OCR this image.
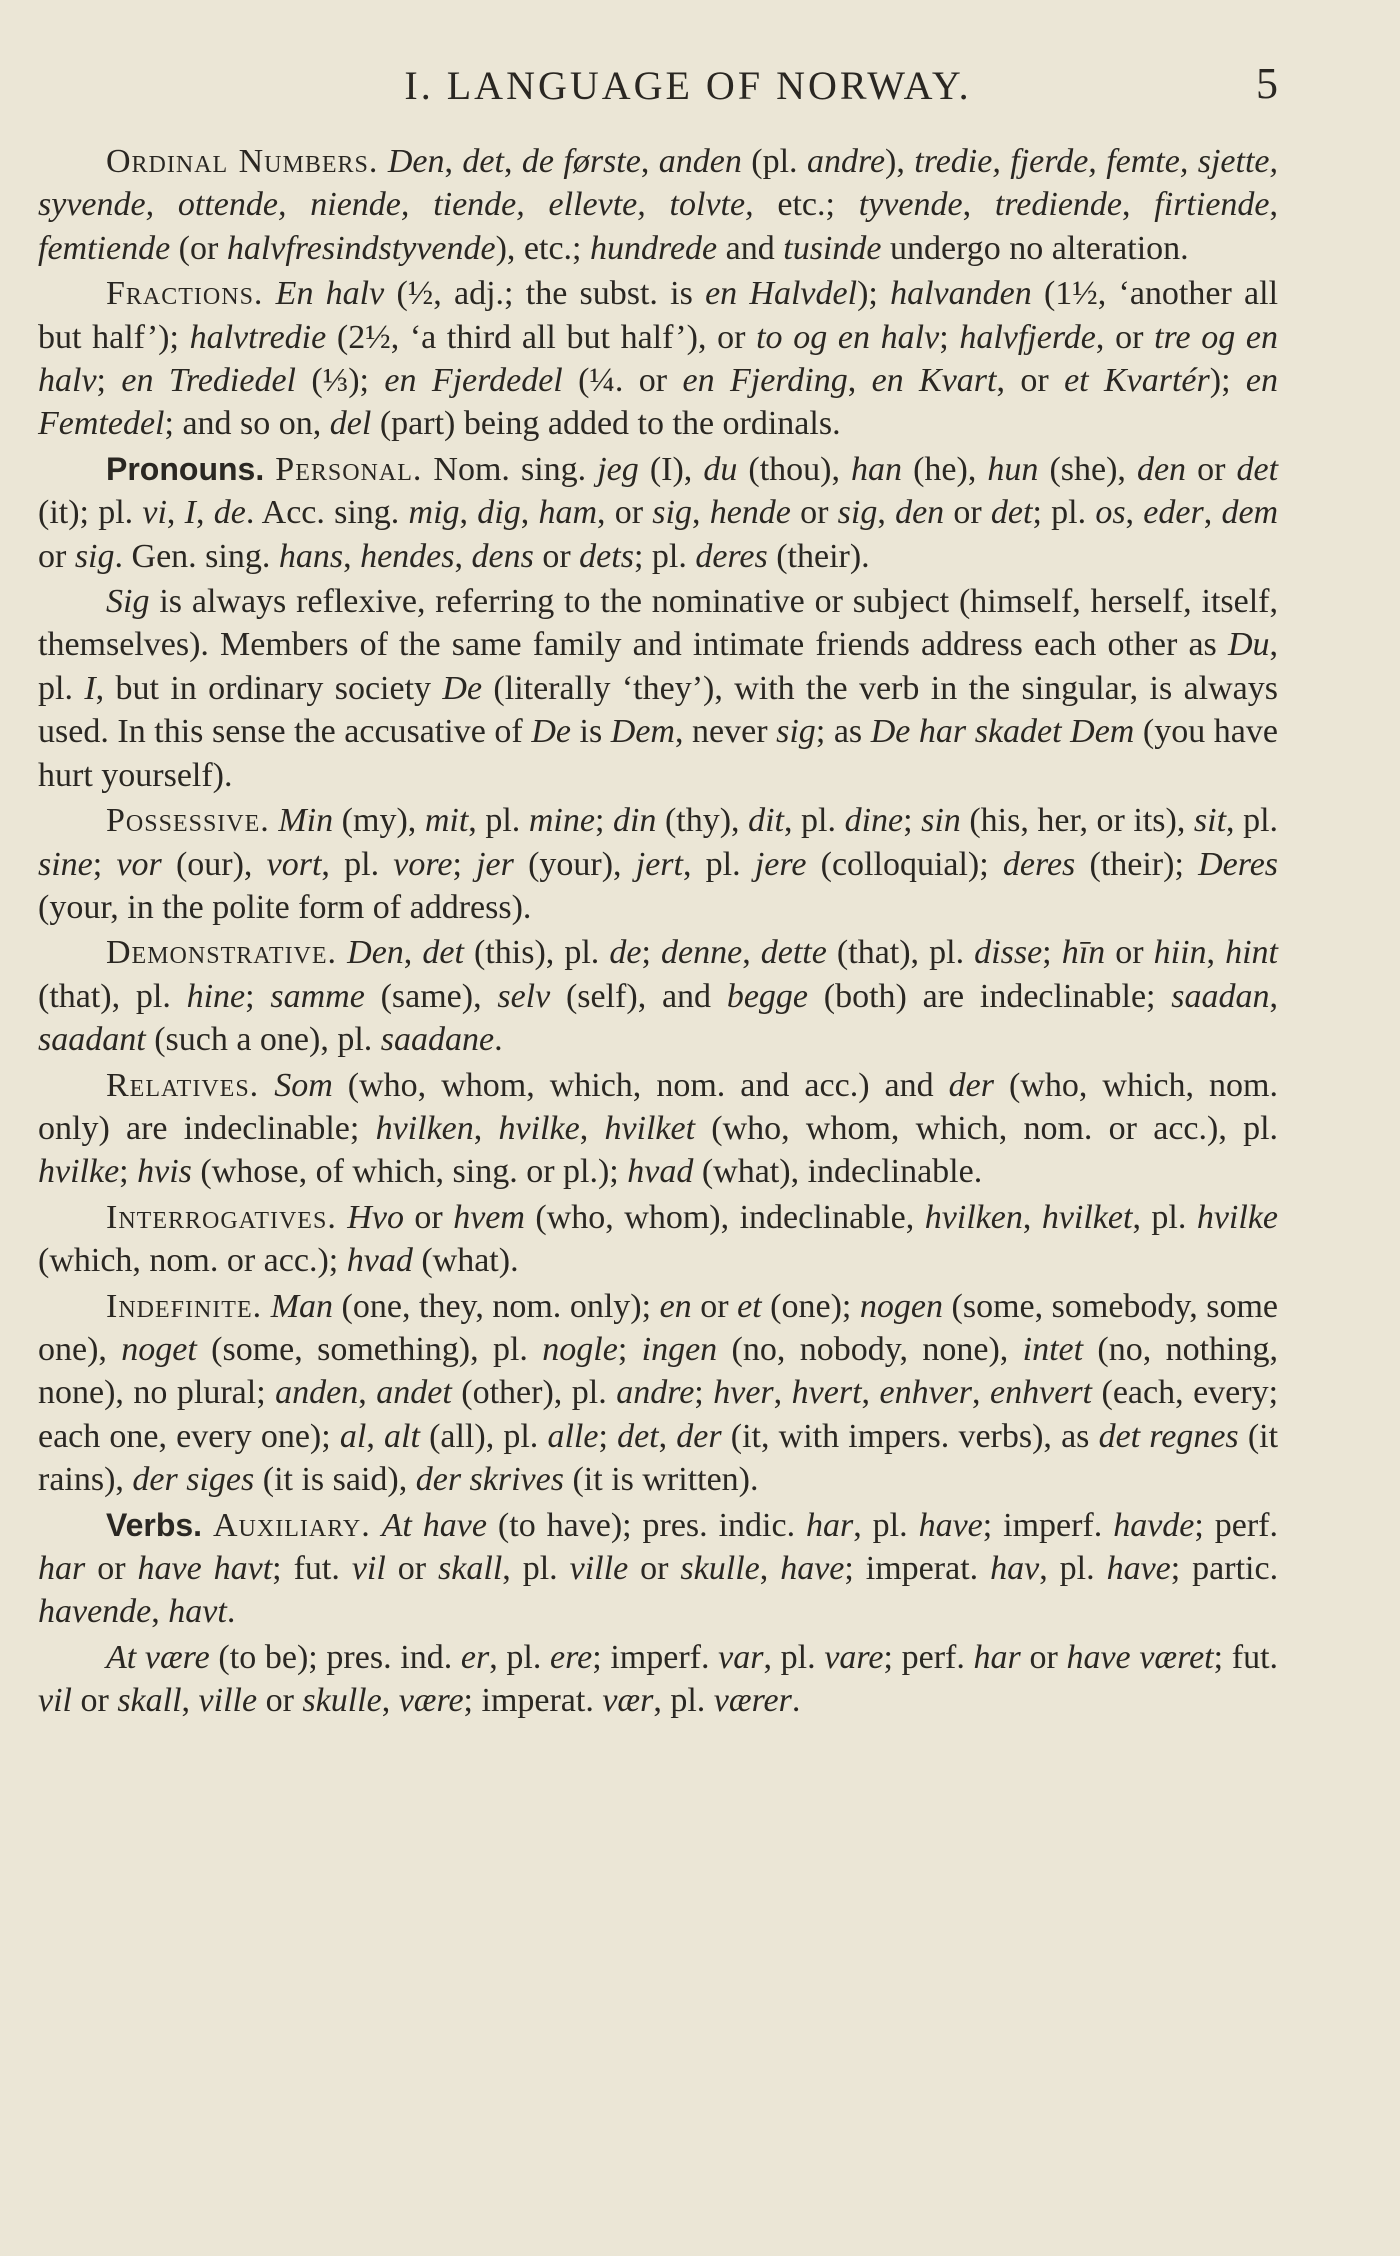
I. LANGUAGE OF NORWAY.	5

Ordinal Numbers. Den, det, de første, anden (pl. andre), tredie, fjerde, femte, sjette, syvende, ottende, niende, tiende, ellevte, tolvte, etc.; tyvende, trediende, firtiende, femtiende (or halvfresindstyvende), etc.; hundrede and tusinde undergo no alteration.

Fractions. En halv (½, adj.; the subst. is en Halvdel); halvanden (1½, ‘another all but half’); halvtredie (2½, ‘a third all but half’), or to og en halv; halvfjerde, or tre og en halv; en Trediedel (⅓); en Fjerdedel (¼. or en Fjerding, en Kvart, or et Kvartér); en Femtedel; and so on, del (part) being added to the ordinals.

Pronouns. Personal. Nom. sing. jeg (I), du (thou), han (he), hun (she), den or det (it); pl. vi, I, de. Acc. sing. mig, dig, ham, or sig, hende or sig, den or det; pl. os, eder, dem or sig. Gen. sing. hans, hendes, dens or dets; pl. deres (their).

Sig is always reflexive, referring to the nominative or subject (himself, herself, itself, themselves). Members of the same family and intimate friends address each other as Du, pl. I, but in ordinary society De (literally ‘they’), with the verb in the singular, is always used. In this sense the accusative of De is Dem, never sig; as De har skadet Dem (you have hurt yourself).

Possessive. Min (my), mit, pl. mine; din (thy), dit, pl. dine; sin (his, her, or its), sit, pl. sine; vor (our), vort, pl. vore; jer (your), jert, pl. jere (colloquial); deres (their); Deres (your, in the polite form of address).

Demonstrative. Den, det (this), pl. de; denne, dette (that), pl. disse; hīn or hiin, hint (that), pl. hine; samme (same), selv (self), and begge (both) are indeclinable; saadan, saadant (such a one), pl. saadane.

Relatives. Som (who, whom, which, nom. and acc.) and der (who, which, nom. only) are indeclinable; hvilken, hvilke, hvilket (who, whom, which, nom. or acc.), pl. hvilke; hvis (whose, of which, sing. or pl.); hvad (what), indeclinable.

Interrogatives. Hvo or hvem (who, whom), indeclinable, hvilken, hvilket, pl. hvilke (which, nom. or acc.); hvad (what).

Indefinite. Man (one, they, nom. only); en or et (one); nogen (some, somebody, some one), noget (some, something), pl. nogle; ingen (no, nobody, none), intet (no, nothing, none), no plural; anden, andet (other), pl. andre; hver, hvert, enhver, enhvert (each, every; each one, every one); al, alt (all), pl. alle; det, der (it, with impers. verbs), as det regnes (it rains), der siges (it is said), der skrives (it is written).

Verbs. Auxiliary. At have (to have); pres. indic. har, pl. have; imperf. havde; perf. har or have havt; fut. vil or skall, pl. ville or skulle, have; imperat. hav, pl. have; partic. havende, havt.

At være (to be); pres. ind. er, pl. ere; imperf. var, pl. vare; perf. har or have været; fut. vil or skall, ville or skulle, være; imperat. vær, pl. værer.
